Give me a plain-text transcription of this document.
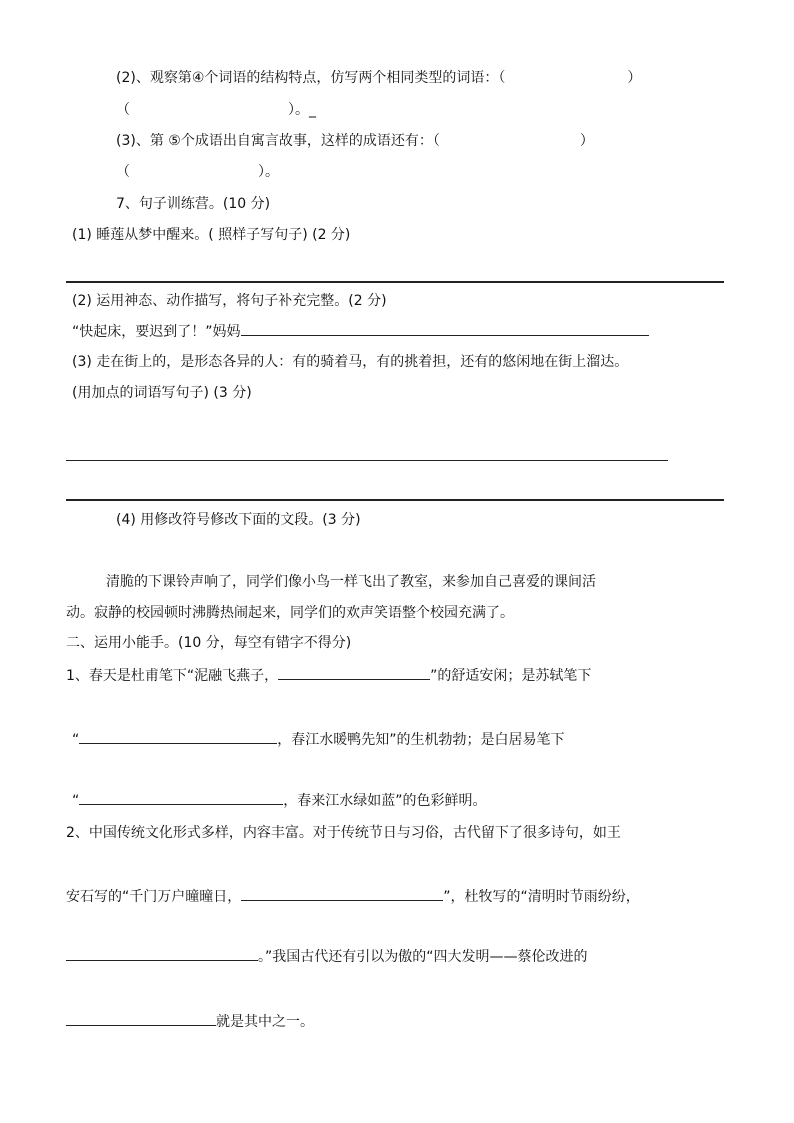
(2)、观察第④个词语的结构特点，仿写两个相同类型的词语：（	）
（	）。_
(3)、第 ⑤个成语出自寓言故事，这样的成语还有：（	）
（	）。
7、句子训练营。(10 分)
(1) 睡莲从梦中醒来。( 照样子写句子) (2 分)
(2) 运用神态、动作描写，将句子补充完整。(2 分)
“快起床，要迟到了！”妈妈
(3) 走在街上的，是形态各异的人：有的骑着马，有的挑着担，还有的悠闲地在街上溜达。
(用加点的词语写句子) (3 分)
(4) 用修改符号修改下面的文段。(3 分)
清脆的下课铃声响了，同学们像小鸟一样飞出了教室，来参加自己喜爱的课间活
动。寂静的校园顿时沸腾热闹起来，同学们的欢声笑语整个校园充满了。
二、运用小能手。(10 分，每空有错字不得分)
1、春天是杜甫笔下“泥融飞燕子，	”的舒适安闲；是苏轼笔下
“	，春江水暖鸭先知”的生机勃勃；是白居易笔下
“	，春来江水绿如蓝”的色彩鲜明。
2、中国传统文化形式多样，内容丰富。对于传统节日与习俗，古代留下了很多诗句，如王
安石写的“千门万户曈曈日，	”，杜牧写的“清明时节雨纷纷，
。”我国古代还有引以为傲的“四大发明——蔡伦改进的
就是其中之一。
